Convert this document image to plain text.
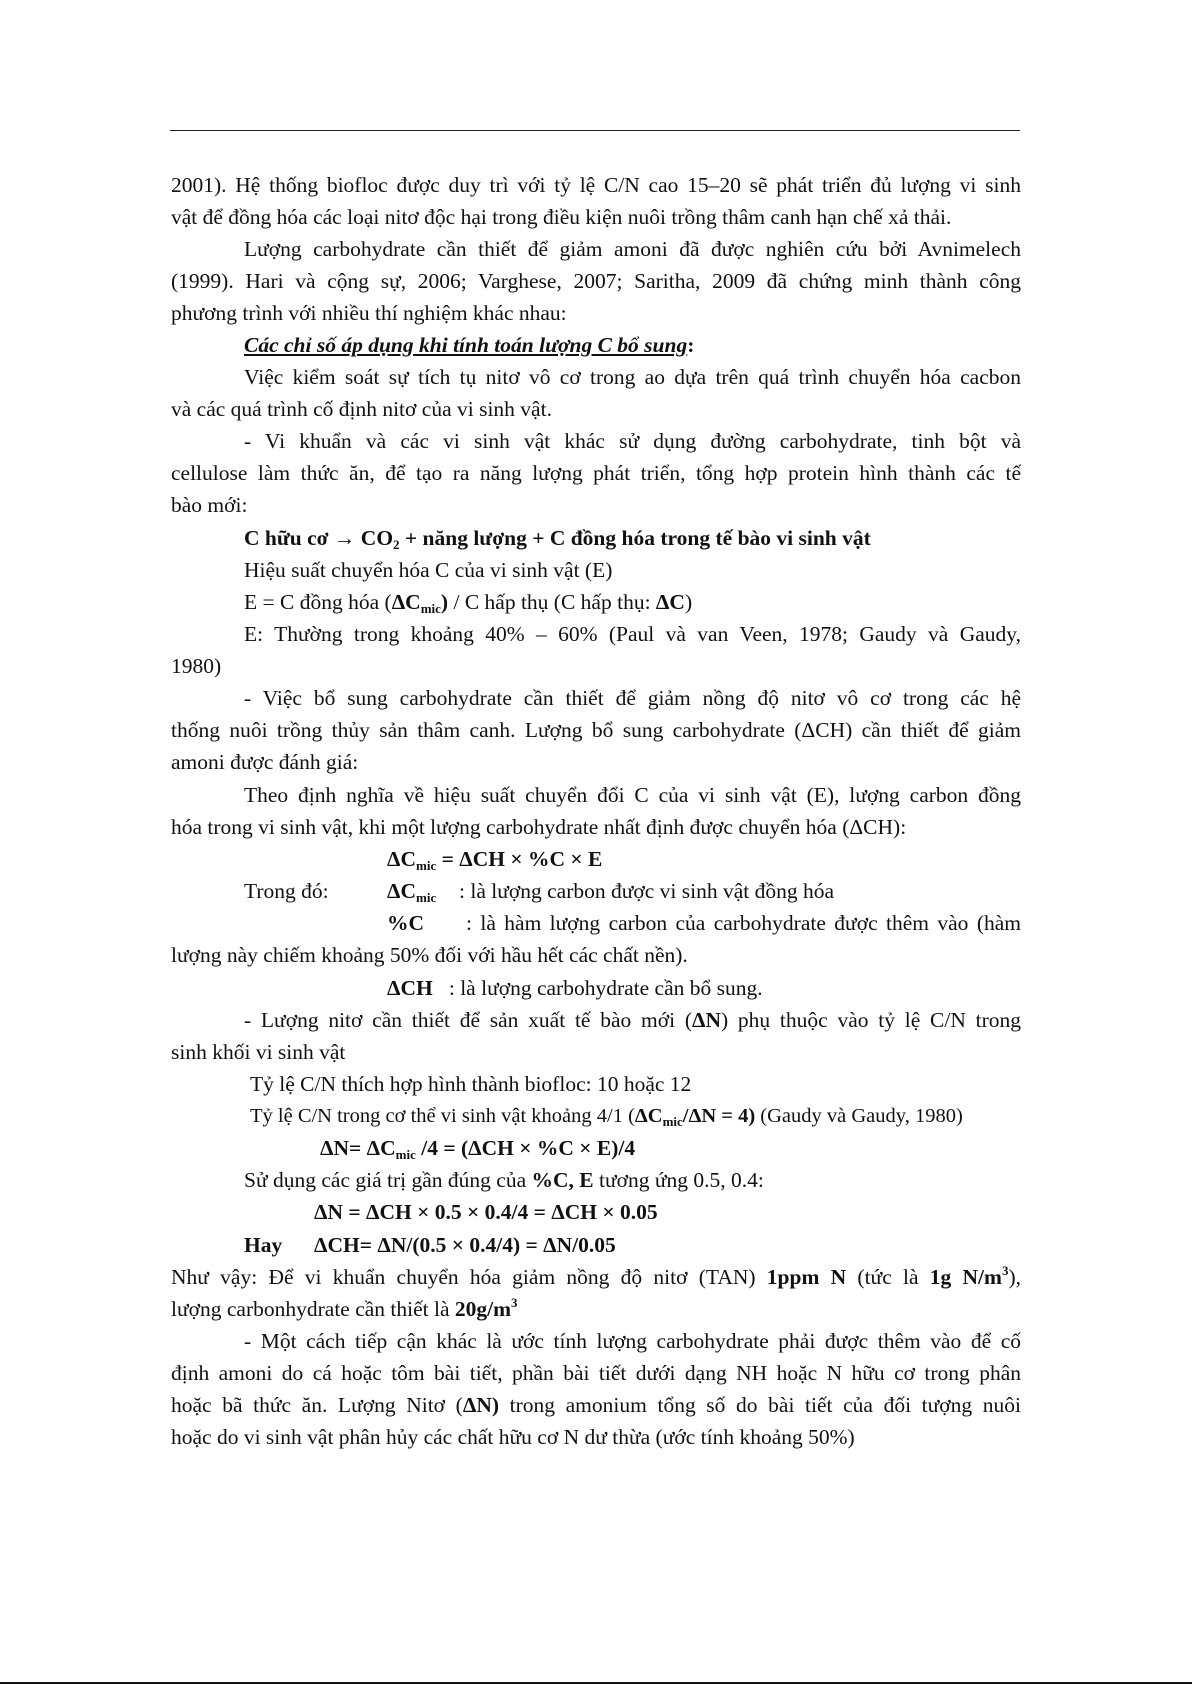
2001). Hệ thống biofloc được duy trì với tỷ lệ C/N cao 15–20 sẽ phát triển đủ lượng vi sinh
vật để đồng hóa các loại nitơ độc hại trong điều kiện nuôi trồng thâm canh hạn chế xả thải.
Lượng carbohydrate cần thiết để giảm amoni đã được nghiên cứu bởi Avnimelech
(1999). Hari và cộng sự, 2006; Varghese, 2007; Saritha, 2009 đã chứng minh thành công
phương trình với nhiều thí nghiệm khác nhau:
Các chỉ số áp dụng khi tính toán lượng C bổ sung:
Việc kiểm soát sự tích tụ nitơ vô cơ trong ao dựa trên quá trình chuyển hóa cacbon
và các quá trình cố định nitơ của vi sinh vật.
- Vi khuẩn và các vi sinh vật khác sử dụng đường carbohydrate, tinh bột và
cellulose làm thức ăn, để tạo ra năng lượng phát triển, tổng hợp protein hình thành các tế
bào mới:
C hữu cơ → $CO_2$ + năng lượng + C đồng hóa trong tế bào vi sinh vật
Hiệu suất chuyển hóa C của vi sinh vật (E)
E = C đồng hóa $(\Delta C_{mic})$ / C hấp thụ (C hấp thụ: ΔC)
E: Thường trong khoảng 40% – 60% (Paul và van Veen, 1978; Gaudy và Gaudy,
1980)
- Việc bổ sung carbohydrate cần thiết để giảm nồng độ nitơ vô cơ trong các hệ
thống nuôi trồng thủy sản thâm canh. Lượng bổ sung carbohydrate (ΔCH) cần thiết để giảm
amoni được đánh giá:
Theo định nghĩa về hiệu suất chuyển đổi C của vi sinh vật (E), lượng carbon đồng
hóa trong vi sinh vật, khi một lượng carbohydrate nhất định được chuyển hóa (ΔCH):
$\Delta C_{mic} = \Delta CH \times \%C \times E$
Trong đó:	$\Delta C_{mic}$ : là lượng carbon được vi sinh vật đồng hóa
%C : là hàm lượng carbon của carbohydrate được thêm vào (hàm
lượng này chiếm khoảng 50% đối với hầu hết các chất nền).
ΔCH : là lượng carbohydrate cần bổ sung.
- Lượng nitơ cần thiết để sản xuất tế bào mới (ΔN) phụ thuộc vào tỷ lệ C/N trong
sinh khối vi sinh vật
Tỷ lệ C/N thích hợp hình thành biofloc: 10 hoặc 12
Tỷ lệ C/N trong cơ thể vi sinh vật khoảng 4/1 $(\Delta C_{mic}/\Delta N = 4)$ (Gaudy và Gaudy, 1980)
$\Delta N= \Delta C_{mic}$ /4 = (ΔCH × %C × E)/4
Sử dụng các giá trị gần đúng của %C, E tương ứng 0.5, 0.4:
ΔN = ΔCH × 0.5 × 0.4/4 = ΔCH × 0.05
Hay ΔCH= ΔN/(0.5 × 0.4/4) = ΔN/0.05
Như vậy: Để vi khuẩn chuyển hóa giảm nồng độ nitơ (TAN) 1ppm N (tức là 1g $N/m^3$),
lượng carbonhydrate cần thiết là $20g/m^3$
- Một cách tiếp cận khác là ước tính lượng carbohydrate phải được thêm vào để cố
định amoni do cá hoặc tôm bài tiết, phần bài tiết dưới dạng NH hoặc N hữu cơ trong phân
hoặc bã thức ăn. Lượng Nitơ (ΔN) trong amonium tổng số do bài tiết của đối tượng nuôi
hoặc do vi sinh vật phân hủy các chất hữu cơ N dư thừa (ước tính khoảng 50%)
